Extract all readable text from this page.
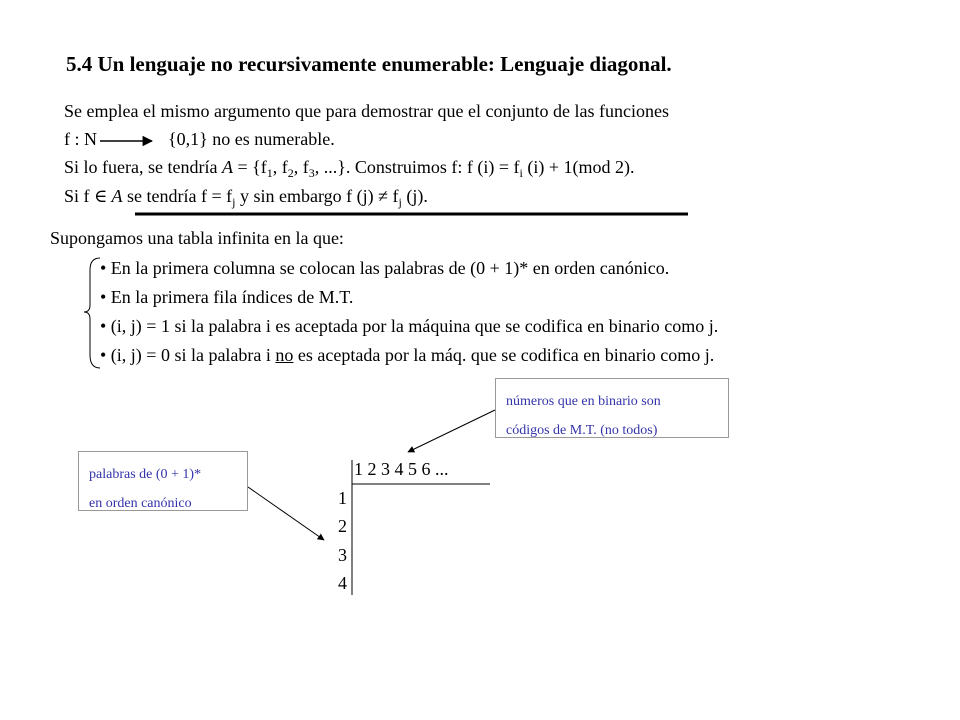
5.4 Un lenguaje no recursivamente enumerable: Lenguaje diagonal.
Se emplea el mismo argumento que para demostrar que el conjunto de las funciones
f : N	{0,1} no es numerable.
Si lo fuera, se tendría $A = \{f_1$, $f_2$, $f_3$, ...}. Construimos f: f $(i) = f_i$ (i) + 1(mod 2).
Si f ∈ A se tendría $f = f_j$ y sin embargo f $(j) \ne f_j$ (j).
Supongamos una tabla infinita en la que:
• En la primera columna se colocan las palabras de (0 + 1)* en orden canónico.
• En la primera fila índices de M.T.
• (i, j) = 1 si la palabra i es aceptada por la máquina que se codifica en binario como j.
• (i, j) = 0 si la palabra i no es aceptada por la máq. que se codifica en binario como j.
números que en binario son
códigos de M.T. (no todos)
palabras de (0 + 1)*
en orden canónico
1 2 3 4 5 6 ...
1
2
3
4
